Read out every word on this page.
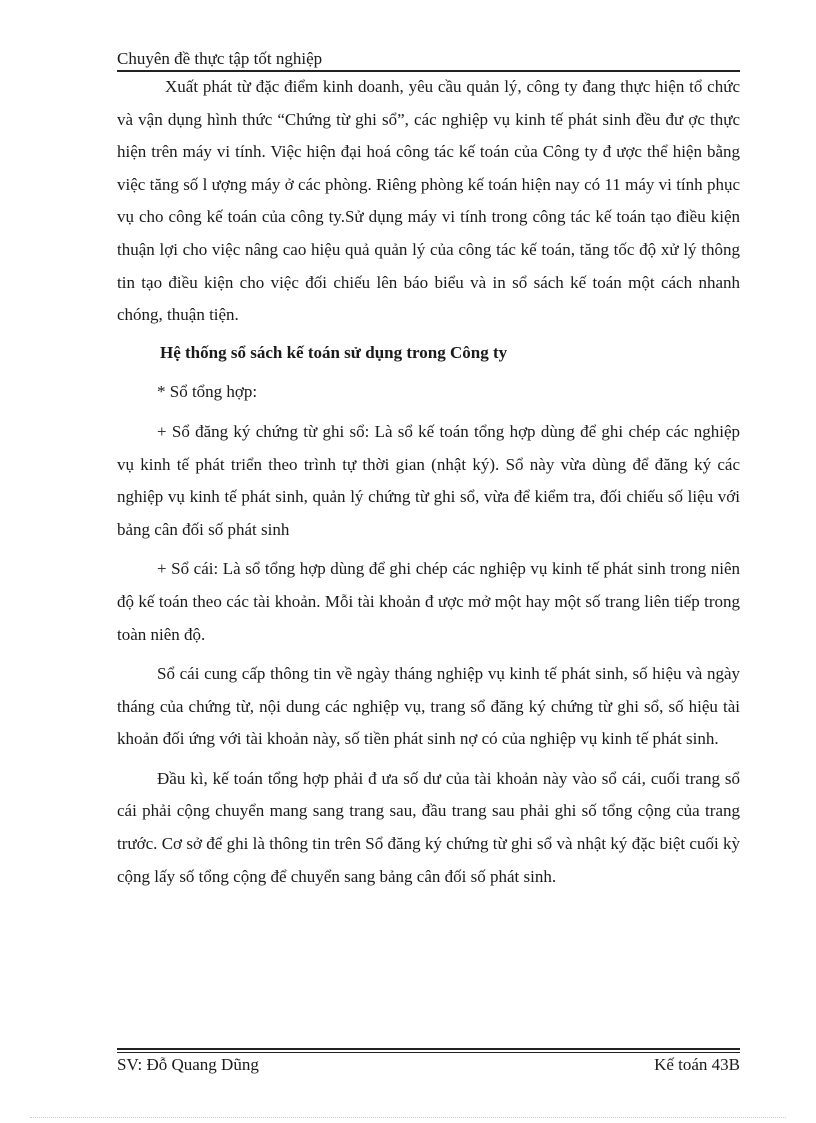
Chuyên đề thực tập tốt nghiệp

Xuất phát từ đặc điểm kinh doanh, yêu cầu quản lý, công ty đang thực hiện tổ chức và vận dụng hình thức “Chứng từ ghi sổ”, các nghiệp vụ kinh tế phát sinh đều đư ợc thực hiện trên máy vi tính. Việc hiện đại hoá công tác kế toán của Công ty đ ược thể hiện bằng việc tăng số l ượng máy ở các phòng. Riêng phòng kế toán hiện nay có 11 máy vi tính phục vụ cho công kế toán của công ty.Sử dụng máy vi tính trong công tác kế toán tạo điều kiện thuận lợi cho việc nâng cao hiệu quả quản lý của công tác kế toán, tăng tốc độ xử lý thông tin tạo điều kiện cho việc đối chiếu lên báo biểu và in sổ sách kế toán một cách nhanh chóng, thuận tiện.

Hệ thống sổ sách kế toán sử dụng trong Công ty

* Sổ tổng hợp:

+ Sổ đăng ký chứng từ ghi sổ: Là sổ kế toán tổng hợp dùng để ghi chép các nghiệp vụ kinh tế phát triển theo trình tự thời gian (nhật ký). Sổ này vừa dùng để đăng ký các nghiệp vụ kinh tế phát sinh, quản lý chứng từ ghi sổ, vừa để kiểm tra, đối chiếu số liệu với bảng cân đối số phát sinh

+ Sổ cái: Là sổ tổng hợp dùng để ghi chép các nghiệp vụ kinh tế phát sinh trong niên độ kế toán theo các tài khoản. Mỗi tài khoản đ ược mở một hay một số trang liên tiếp trong toàn niên độ.

Sổ cái cung cấp thông tin về ngày tháng nghiệp vụ kinh tế phát sinh, số hiệu và ngày tháng của chứng từ, nội dung các nghiệp vụ, trang sổ đăng ký chứng từ ghi sổ, số hiệu tài khoản đối ứng với tài khoản này, số tiền phát sinh nợ có của nghiệp vụ kinh tế phát sinh.

Đầu kì, kế toán tổng hợp phải đ ưa số dư của tài khoản này vào sổ cái, cuối trang sổ cái phải cộng chuyển mang sang trang sau, đầu trang sau phải ghi số tổng cộng của trang trước. Cơ sở để ghi là thông tin trên Sổ đăng ký chứng từ ghi sổ và nhật ký đặc biệt cuối kỳ cộng lấy số tổng cộng để chuyển sang bảng cân đối số phát sinh.

SV: Đỗ Quang Dũng	Kế toán 43B
